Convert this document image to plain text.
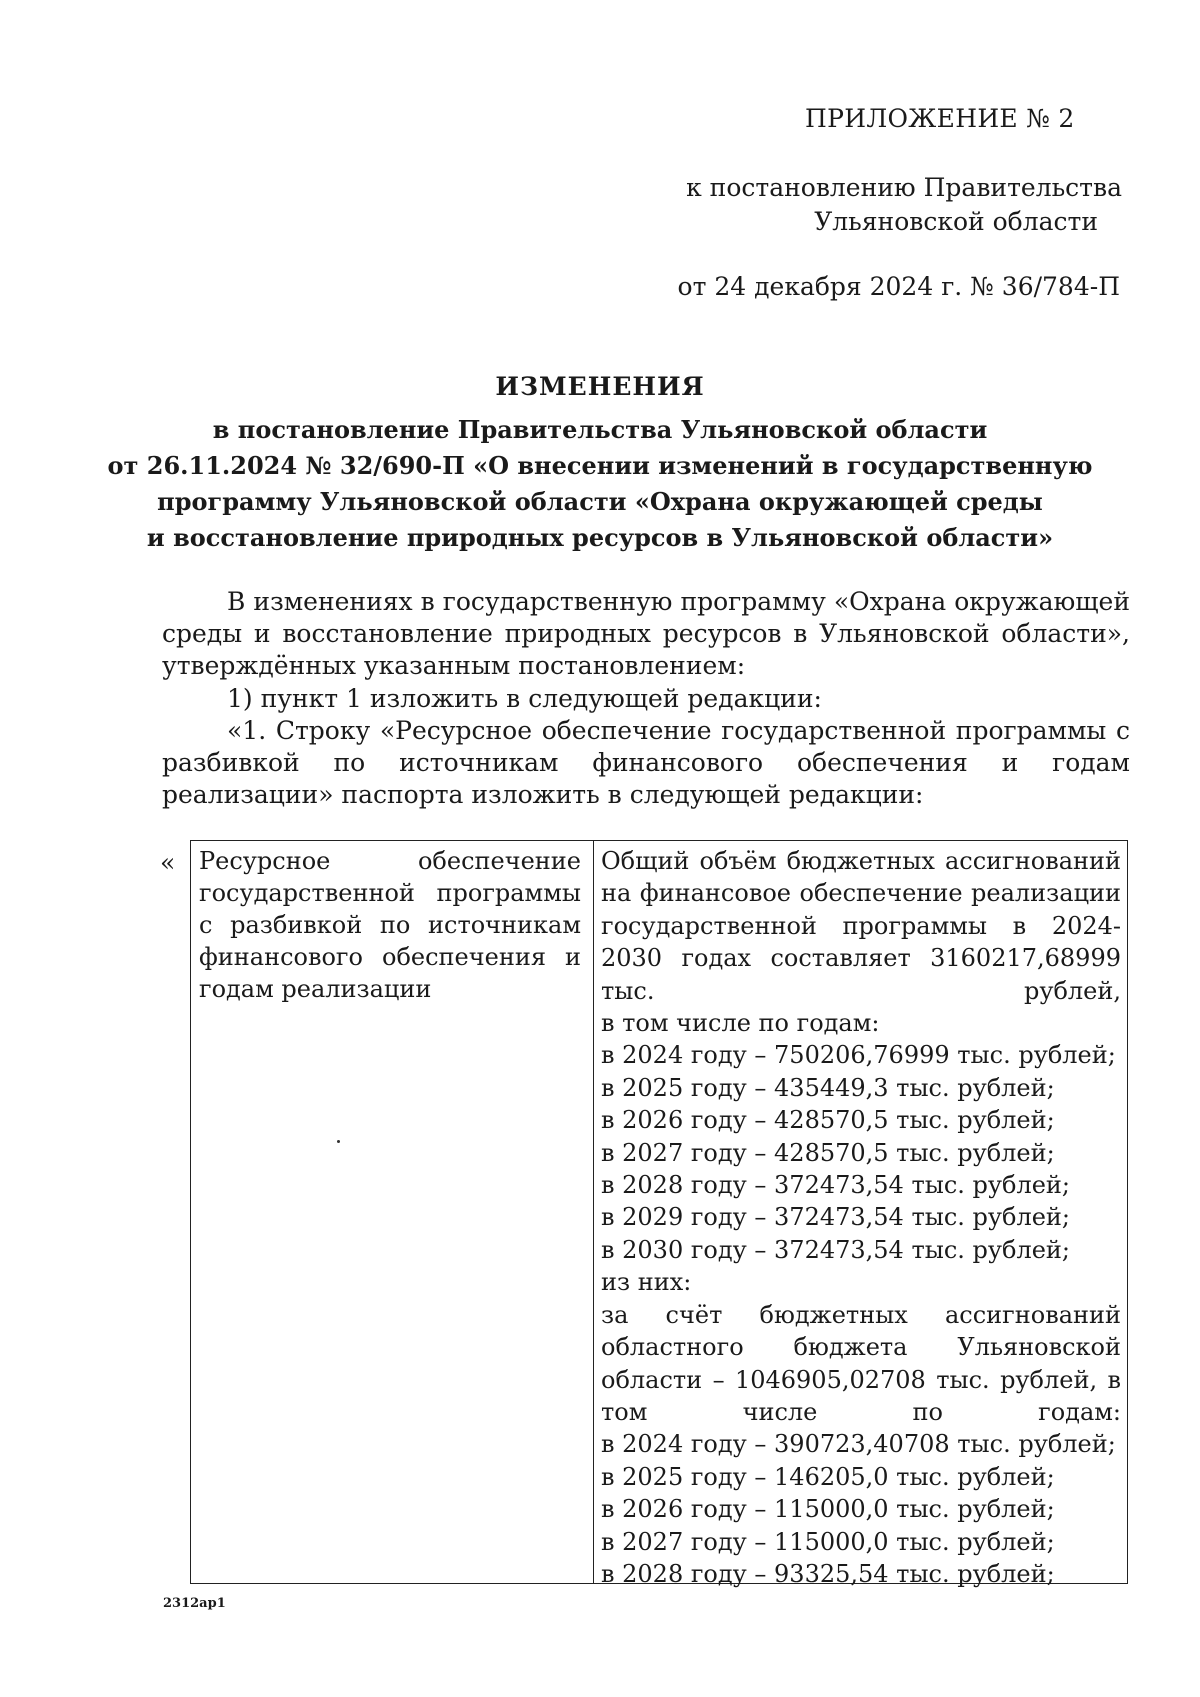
ПРИЛОЖЕНИЕ № 2
к постановлению Правительства
Ульяновской области
от 24 декабря 2024 г. № 36/784-П
ИЗМЕНЕНИЯ
в постановление Правительства Ульяновской области
от 26.11.2024 № 32/690-П «О внесении изменений в государственную
программу Ульяновской области «Охрана окружающей среды
и восстановление природных ресурсов в Ульяновской области»
В изменениях в государственную программу «Охрана окружающей среды и восстановление природных ресурсов в Ульяновской области», утверждённых указанным постановлением:
1) пункт 1 изложить в следующей редакции:
«1. Строку «Ресурсное обеспечение государственной программы с разбивкой по источникам финансового обеспечения и годам реализации» паспорта изложить в следующей редакции:
« Ресурсное обеспечение государственной программы с разбивкой по источникам финансового обеспечения и годам реализации
Общий объём бюджетных ассигнований на финансовое обеспечение реализации государственной программы в 2024-2030 годах составляет 3160217,68999 тыс. рублей,
в том числе по годам:
в 2024 году – 750206,76999 тыс. рублей;
в 2025 году – 435449,3 тыс. рублей;
в 2026 году – 428570,5 тыс. рублей;
в 2027 году – 428570,5 тыс. рублей;
в 2028 году – 372473,54 тыс. рублей;
в 2029 году – 372473,54 тыс. рублей;
в 2030 году – 372473,54 тыс. рублей;
из них:
за счёт бюджетных ассигнований областного бюджета Ульяновской области – 1046905,02708 тыс. рублей, в том числе по годам:
в 2024 году – 390723,40708 тыс. рублей;
в 2025 году – 146205,0 тыс. рублей;
в 2026 году – 115000,0 тыс. рублей;
в 2027 году – 115000,0 тыс. рублей;
в 2028 году – 93325,54 тыс. рублей;
2312ap1
